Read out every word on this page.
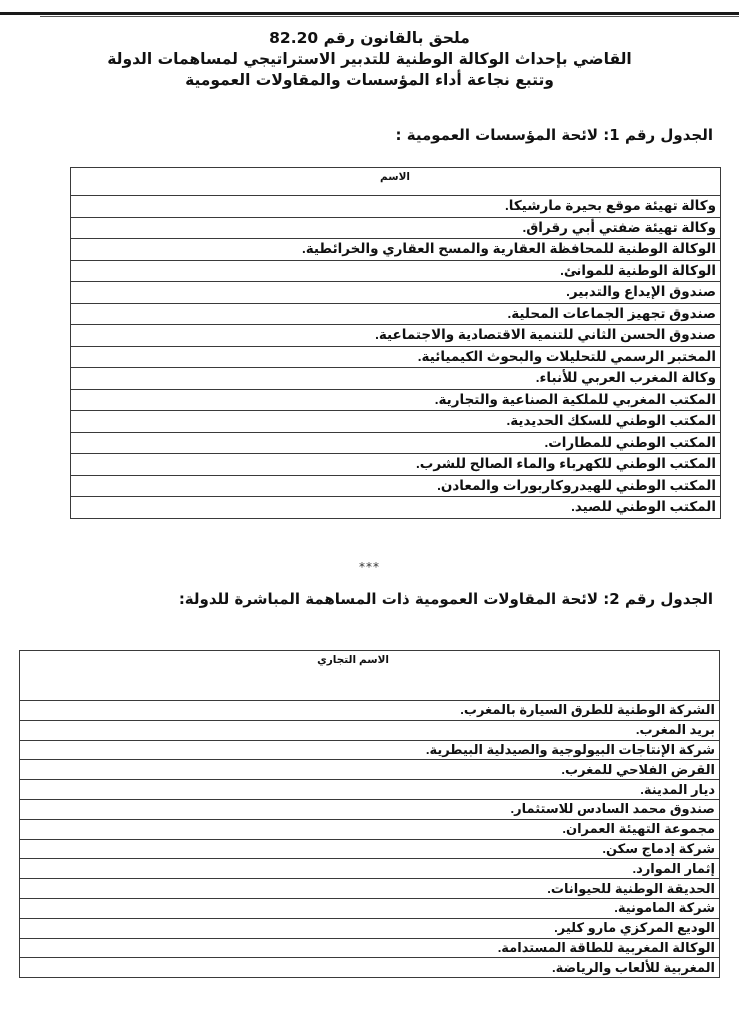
ملحق بالقانون رقم 82.20
القاضي بإحداث الوكالة الوطنية للتدبير الاستراتيجي لمساهمات الدولة
وتتبع نجاعة أداء المؤسسات والمقاولات العمومية
الجدول رقم 1: لائحة المؤسسات العمومية :
الاسم
وكالة تهيئة موقع بحيرة مارشيكا.
وكالة تهيئة ضفتي أبي رقراق.
الوكالة الوطنية للمحافظة العقارية والمسح العقاري والخرائطية.
الوكالة الوطنية للموانئ.
صندوق الإيداع والتدبير.
صندوق تجهيز الجماعات المحلية.
صندوق الحسن الثاني للتنمية الاقتصادية والاجتماعية.
المختبر الرسمي للتحليلات والبحوث الكيميائية.
وكالة المغرب العربي للأنباء.
المكتب المغربي للملكية الصناعية والتجارية.
المكتب الوطني للسكك الحديدية.
المكتب الوطني للمطارات.
المكتب الوطني للكهرباء والماء الصالح للشرب.
المكتب الوطني للهيدروكاربورات والمعادن.
المكتب الوطني للصيد.
***
الجدول رقم 2: لائحة المقاولات العمومية ذات المساهمة المباشرة للدولة:
الاسم التجاري
الشركة الوطنية للطرق السيارة بالمغرب.
بريد المغرب.
شركة الإنتاجات البيولوجية والصيدلية البيطرية.
القرض الفلاحي للمغرب.
ديار المدينة.
صندوق محمد السادس للاستثمار.
مجموعة التهيئة العمران.
شركة إدماج سكن.
إثمار الموارد.
الحديقة الوطنية للحيوانات.
شركة المامونية.
الوديع المركزي مارو كلير.
الوكالة المغربية للطاقة المستدامة.
المغربية للألعاب والرياضة.
